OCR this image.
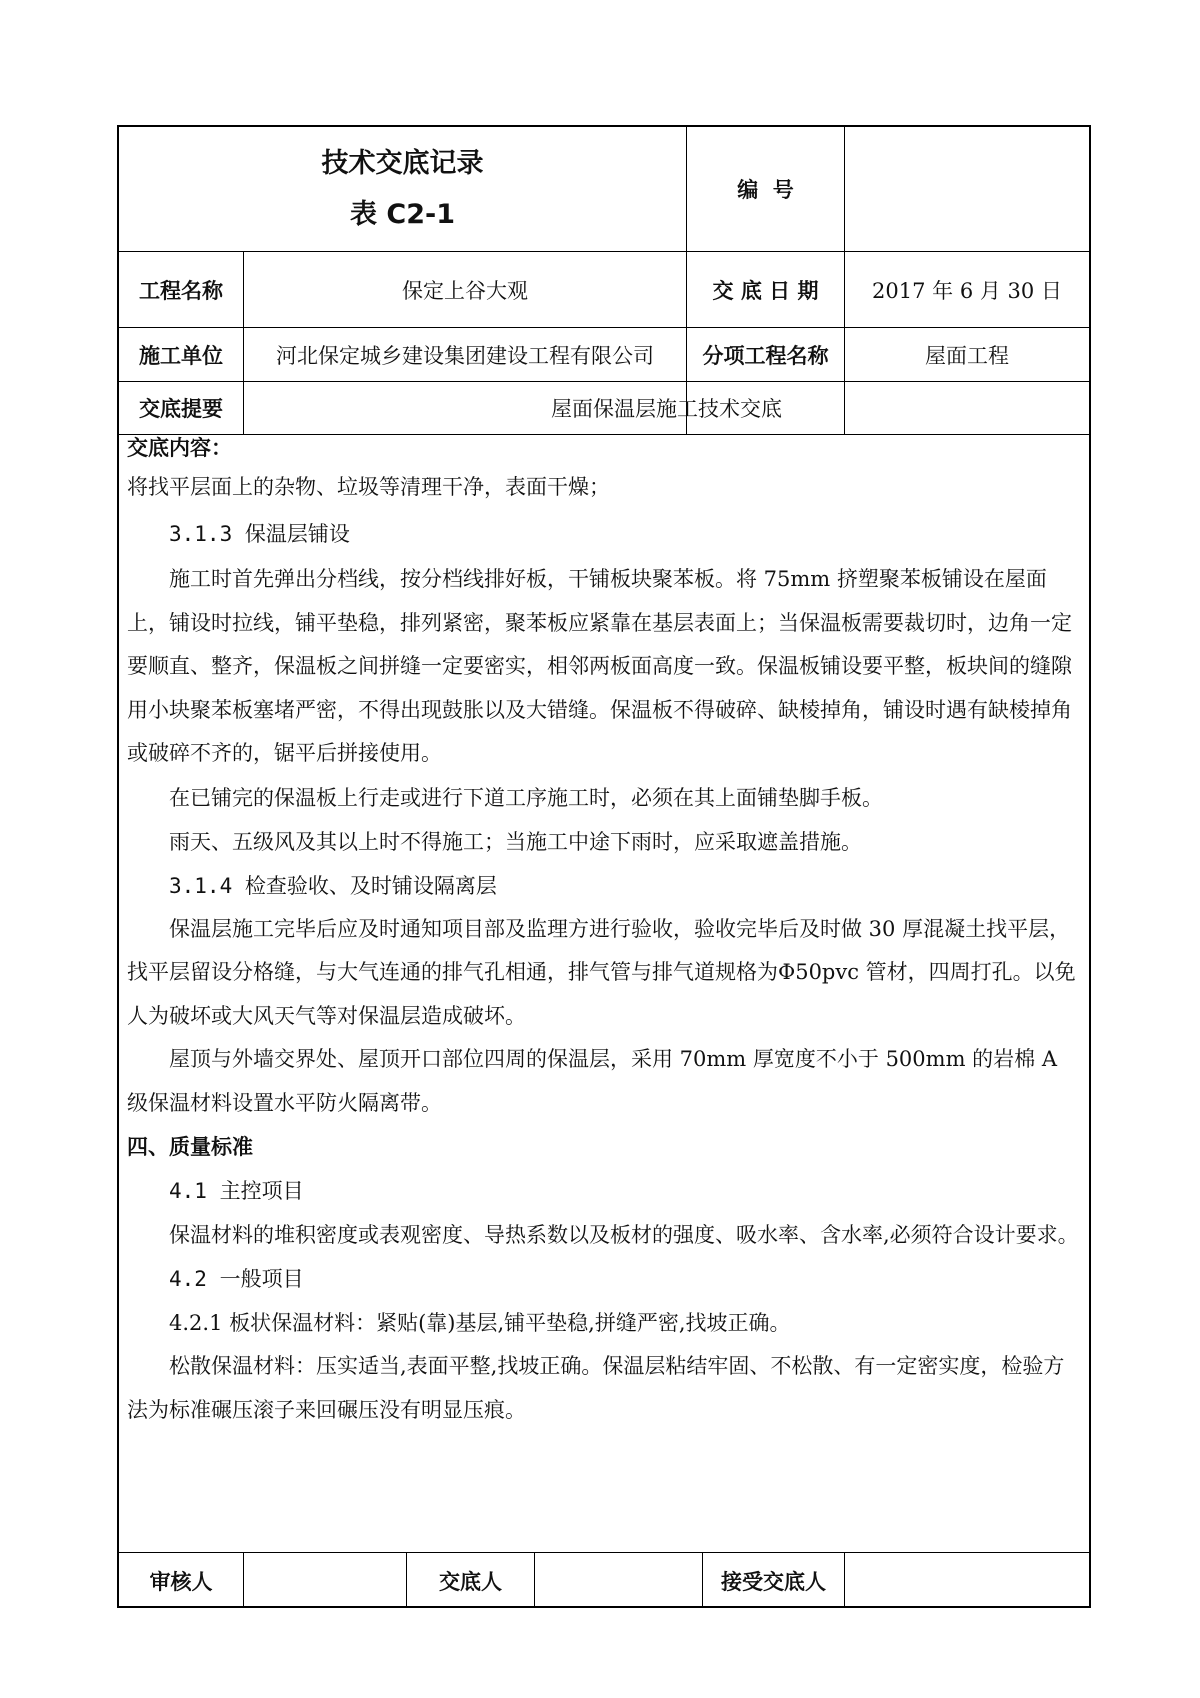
技术交底记录
表 C2-1
编  号
工程名称	保定上谷大观	交 底 日 期	2017 年 6 月 30 日
施工单位	河北保定城乡建设集团建设工程有限公司	分项工程名称	屋面工程
交底提要	屋面保温层施工技术交底
审核人	交底人	接受交底人

交底内容：

将找平层面上的杂物、垃圾等清理干净，表面干燥；

3.1.3 保温层铺设

施工时首先弹出分档线，按分档线排好板，干铺板块聚苯板。将 75mm 挤塑聚苯板铺设在屋面上，铺设时拉线，铺平垫稳，排列紧密，聚苯板应紧靠在基层表面上；当保温板需要裁切时，边角一定要顺直、整齐，保温板之间拼缝一定要密实，相邻两板面高度一致。保温板铺设要平整，板块间的缝隙用小块聚苯板塞堵严密，不得出现鼓胀以及大错缝。保温板不得破碎、缺棱掉角，铺设时遇有缺棱掉角或破碎不齐的，锯平后拼接使用。

在已铺完的保温板上行走或进行下道工序施工时，必须在其上面铺垫脚手板。

雨天、五级风及其以上时不得施工；当施工中途下雨时，应采取遮盖措施。

3.1.4 检查验收、及时铺设隔离层

保温层施工完毕后应及时通知项目部及监理方进行验收，验收完毕后及时做 30 厚混凝土找平层，找平层留设分格缝，与大气连通的排气孔相通，排气管与排气道规格为Φ50pvc 管材，四周打孔。以免人为破坏或大风天气等对保温层造成破坏。

屋顶与外墙交界处、屋顶开口部位四周的保温层，采用 70mm 厚宽度不小于 500mm 的岩棉 A 级保温材料设置水平防火隔离带。

四、质量标准

4.1 主控项目

保温材料的堆积密度或表观密度、导热系数以及板材的强度、吸水率、含水率,必须符合设计要求。

4.2 一般项目

4.2.1 板状保温材料：紧贴(靠)基层,铺平垫稳,拼缝严密,找坡正确。

松散保温材料：压实适当,表面平整,找坡正确。保温层粘结牢固、不松散、有一定密实度，检验方法为标准碾压滚子来回碾压没有明显压痕。
